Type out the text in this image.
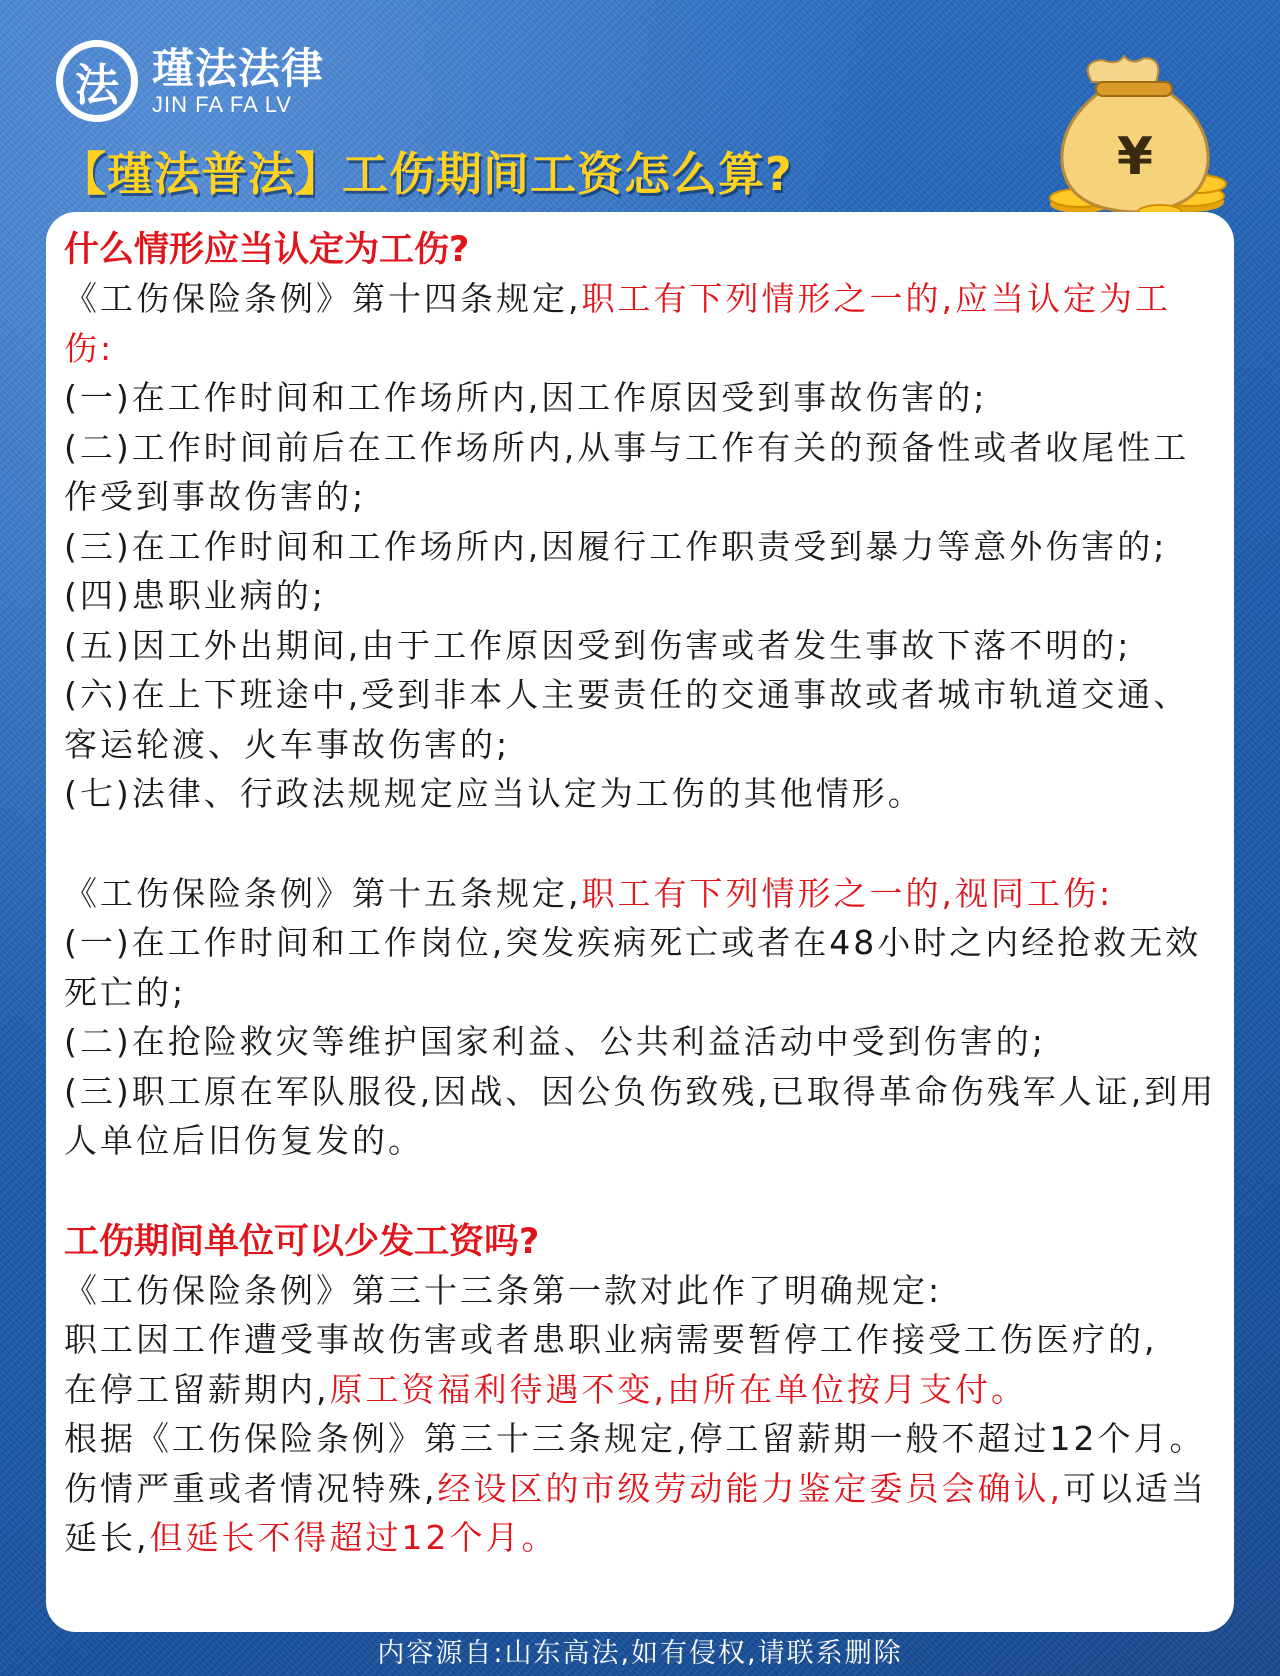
法 瑾法法律
JIN FA FA LV
【瑾法普法】工伤期间工资怎么算?	¥
什么情形应当认定为工伤?
《工伤保险条例》第十四条规定,职工有下列情形之一的,应当认定为工伤:
(一)在工作时间和工作场所内,因工作原因受到事故伤害的;
(二)工作时间前后在工作场所内,从事与工作有关的预备性或者收尾性工作受到事故伤害的;
(三)在工作时间和工作场所内,因履行工作职责受到暴力等意外伤害的;
(四)患职业病的;
(五)因工外出期间,由于工作原因受到伤害或者发生事故下落不明的;
(六)在上下班途中,受到非本人主要责任的交通事故或者城市轨道交通、客运轮渡、火车事故伤害的;
(七)法律、行政法规规定应当认定为工伤的其他情形。
《工伤保险条例》第十五条规定,职工有下列情形之一的,视同工伤:
(一)在工作时间和工作岗位,突发疾病死亡或者在48小时之内经抢救无效死亡的;
(二)在抢险救灾等维护国家利益、公共利益活动中受到伤害的;
(三)职工原在军队服役,因战、因公负伤致残,已取得革命伤残军人证,到用人单位后旧伤复发的。
工伤期间单位可以少发工资吗?
《工伤保险条例》第三十三条第一款对此作了明确规定:
职工因工作遭受事故伤害或者患职业病需要暂停工作接受工伤医疗的,
在停工留薪期内,原工资福利待遇不变,由所在单位按月支付。
根据《工伤保险条例》第三十三条规定,停工留薪期一般不超过12个月。
伤情严重或者情况特殊,经设区的市级劳动能力鉴定委员会确认,可以适当延长,但延长不得超过12个月。
内容源自:山东高法,如有侵权,请联系删除
